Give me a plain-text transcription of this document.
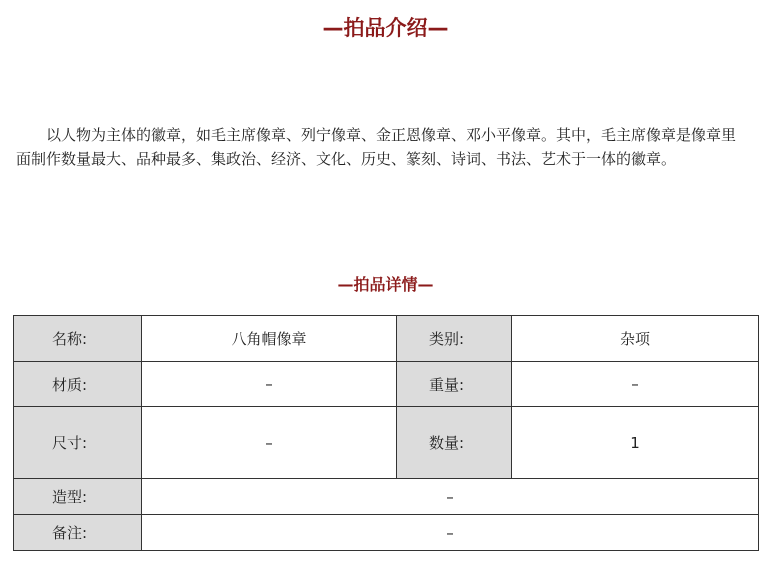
—拍品介绍—

以人物为主体的徽章，如毛主席像章、列宁像章、金正恩像章、邓小平像章。其中，毛主席像章是像章里面制作数量最大、品种最多、集政治、经济、文化、历史、篆刻、诗词、书法、艺术于一体的徽章。

—拍品详情—
名称:	八角帽像章	类别:	杂项
材质:	–	重量:	–
尺寸:	–	数量:	1
造型:	–		
备注:	–		
